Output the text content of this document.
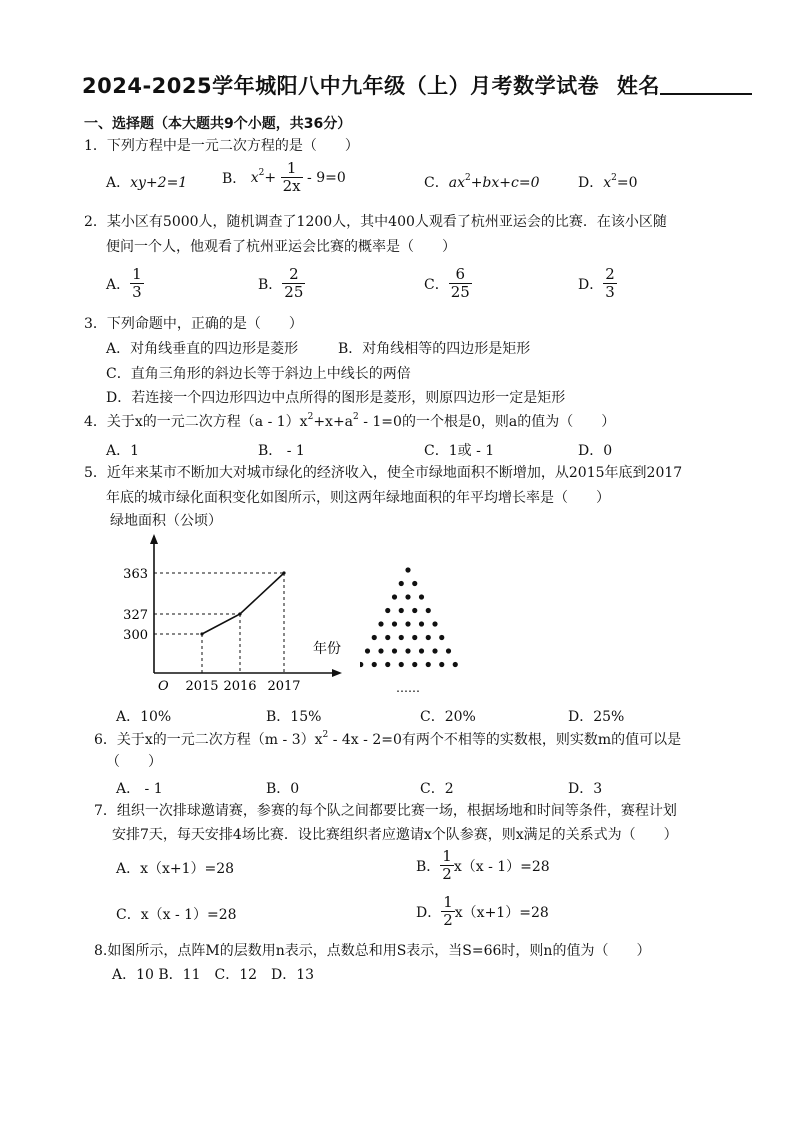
2024-2025学年城阳八中九年级（上）月考数学试卷 姓名
一、选择题（本大题共9个小题，共36分）
1．下列方程中是一元二次方程的是（　　）
A．xy+2=1 B． $x^2+ \frac{1}{2x} - 9=0$	C．$ax^2+bx+c=0$	D．$x^2=0$
2．某小区有5000人，随机调查了1200人，其中400人观看了杭州亚运会的比赛．在该小区随
便问一个人，他观看了杭州亚运会比赛的概率是（　　）
A． $\frac{1}{3}$	B． $\frac{2}{25}$	C． $\frac{6}{25}$	D． $\frac{2}{3}$
3．下列命题中，正确的是（　　）
A．对角线垂直的四边形是菱形	B．对角线相等的四边形是矩形
C．直角三角形的斜边长等于斜边上中线长的两倍
D．若连接一个四边形四边中点所得的图形是菱形，则原四边形一定是矩形
4．关于x的一元二次方程$(a - 1)x^2+x+a^2 - 1=0$的一个根是0，则a的值为（　　）
A．1	B． - 1	C．1或 - 1	D．0
5．近年来某市不断加大对城市绿化的经济收入，使全市绿地面积不断增加，从2015年底到2017
年底的城市绿化面积变化如图所示，则这两年绿地面积的年平均增长率是（　　）
绿地面积（公顷）
300
2015
327
2016
363
2017
O
年份
……
A．10%	B．15%	C．20%	D．25%
6．关于x的一元二次方程$(m - 3)x^2 - 4x - 2=0$有两个不相等的实数根，则实数m的值可以是
（　　）
A． - 1	B．0	C．2	D．3
7．组织一次排球邀请赛，参赛的每个队之间都要比赛一场，根据场地和时间等条件，赛程计划
安排7天，每天安排4场比赛．设比赛组织者应邀请x个队参赛，则x满足的关系式为（　　）
A．x（x+1）=28	B． $\frac{1}{2} x(x - 1)=28$
C．x（x - 1）=28	D． $\frac{1}{2} x(x+1)=28$
8.如图所示，点阵M的层数用n表示，点数总和用S表示，当S=66时，则n的值为（　　）
A．10 B．11　C．12　D．13
